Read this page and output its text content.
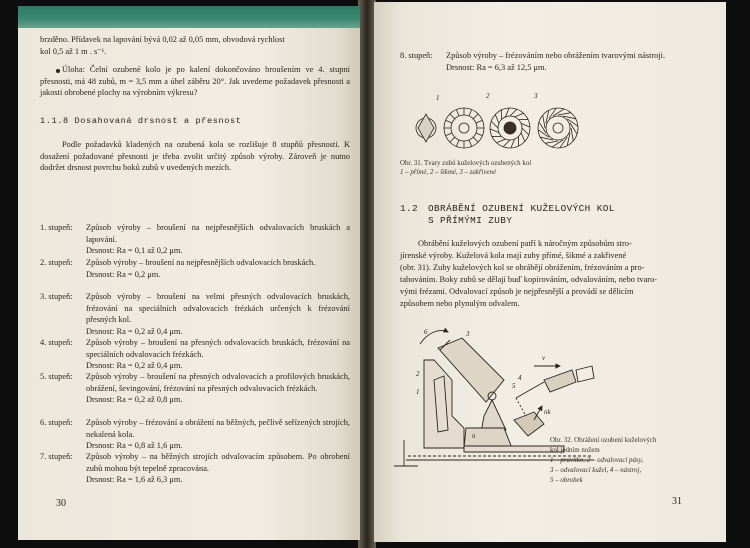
brzděno. Přídavek na lapování bývá 0,02 až 0,05 mm, obvodová rychlost
kol 0,5 až 1 m . s⁻¹.
Úloha: Čelní ozubené kolo je po kalení dokončováno broušením ve 4. stupni přesnosti, má 48 zubů, m = 3,5 mm a úhel záběru 20°. Jak uvedeme požadavek přesnosti a jakosti obrobené plochy na výrobním výkresu?
1.1.8 Dosahovaná drsnost a přesnost
Podle požadavků kladených na ozubená kola se rozlišuje 8 stupňů přesnosti. K dosažení požadované přesnosti je třeba zvolit určitý způsob výroby. Zároveň je nutno dodržet drsnost povrchu boků zubů v uvedených mezích.
1. stupeň:	Způsob výroby – broušení na nejpřesnějších odvalovacích bruskách a lapování.
Drsnost: Ra = 0,1 až 0,2 μm.
2. stupeň:	Způsob výroby – broušení na nejpřesnějších odvalovacích bruskách.
Drsnost: Ra = 0,2 μm.
3. stupeň:	Způsob výroby – broušení na velmi přesných odvalovacích bruskách, frézování na speciálních odvalovacích frézkách určených k frézování přesných kol.
Drsnost: Ra = 0,2 až 0,4 μm.
4. stupeň:	Způsob výroby – broušení na přesných odvalovacích bruskách, frézování na speciálních odvalovacích frézkách.
Drsnost: Ra = 0,2 až 0,4 μm.
5. stupeň:	Způsob výroby – broušení na přesných odvalovacích a profilových bruskách, obrážení, ševingování, frézování na přesných odvalovacích frézkách.
Drsnost: Ra = 0,2 až 0,8 μm.
6. stupeň:	Způsob výroby – frézování a obrážení na běžných, pečlivě seřízených strojích, nekalená kola.
Drsnost: Ra = 0,8 až 1,6 μm.
7. stupeň:	Způsob výroby – na běžných strojích odvalovacím způsobem. Po obrobení zubů mohou být tepelně zpracována.
Drsnost: Ra = 1,6 až 6,3 μm.
30
8. stupeň:	Způsob výroby – frézováním nebo obrážením tvarovými nástroji.
Drsnost: Ra = 6,3 až 12,5 μm.
1	2	3
Obr. 31. Tvary zubů kuželových ozubených kol
1 – přímé, 2 – šikmé, 3 – zakřivené
1.2 OBRÁBĚNÍ OZUBENÍ KUŽELOVÝCH KOL
S PŘÍMÝMI ZUBY
Obrábění kuželových ozubení patří k náročným způsobům stro-
jírenské výroby. Kuželová kola mají zuby přímé, šikmé a zakřivené
(obr. 31). Zuby kuželových kol se obrábějí obrážením, frézováním a pro-
tahováním. Boky zubů se dělají buď kopírováním, odvalováním, nebo tvaro-
vými frézami. Odvalovací způsob je nejpřesnější a provádí se dělicím
způsobem nebo plynulým odvalem.
6	3
2
1
4
5
v
nk
n
Obr. 32. Obrážení ozubení kuželových
kol jedním nožem
1 – pravítko, 2 – odvalovací pásy,
3 – odvalovací kužel, 4 – nástroj,
5 – obrobek
31
